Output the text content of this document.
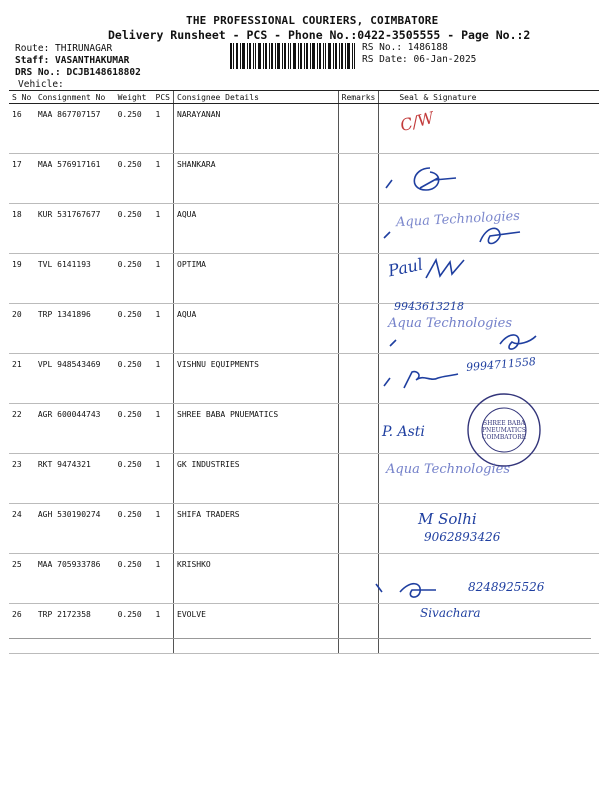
THE PROFESSIONAL COURIERS, COIMBATORE
Delivery Runsheet - PCS - Phone No.:0422-3505555 - Page No.:2
Route: THIRUNAGAR
Staff: VASANTHAKUMAR
DRS No.: DCJB148618802
Vehicle:
RS No.: 1486188
RS Date: 06-Jan-2025
S No	Consignment No	Weight	PCS	Consignee Details	Remarks	Seal & Signature
16	MAA 867707157	0.250	1	NARAYANAN		
17	MAA 576917161	0.250	1	SHANKARA		
18	KUR 531767677	0.250	1	AQUA		
19	TVL 6141193	0.250	1	OPTIMA		
20	TRP 1341896	0.250	1	AQUA		
21	VPL 948543469	0.250	1	VISHNU EQUIPMENTS		
22	AGR 600044743	0.250	1	SHREE BABA PNUEMATICS		
23	RKT 9474321	0.250	1	GK INDUSTRIES		
24	AGH 530190274	0.250	1	SHIFA TRADERS		
25	MAA 705933786	0.250	1	KRISHKO		
26	TRP 2172358	0.250	1	EVOLVE		
C/W
Aqua Technologies
Paul
9943613218
Aqua Technologies
9994711558
SHREE BABA PNEUMATICS COIMBATORE
P. Asti
Aqua Technologies
M Solhi
9062893426
8248925526
Sivachara
